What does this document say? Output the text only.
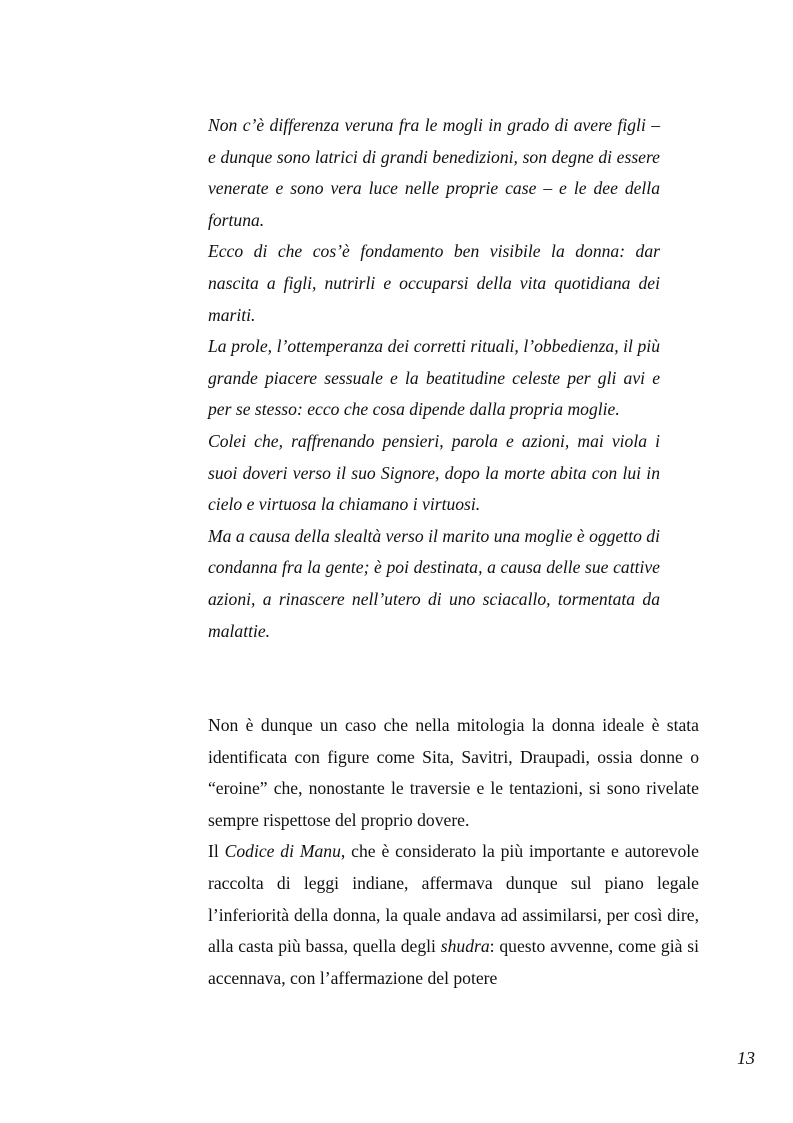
Non c’è differenza veruna fra le mogli in grado di avere figli – e dunque sono latrici di grandi benedizioni, son degne di essere venerate e sono vera luce nelle proprie case – e le dee della fortuna.

Ecco di che cos’è fondamento ben visibile la donna: dar nascita a figli, nutrirli e occuparsi della vita quotidiana dei mariti.

La prole, l’ottemperanza dei corretti rituali, l’obbedienza, il più grande piacere sessuale e la beatitudine celeste per gli avi e per se stesso: ecco che cosa dipende dalla propria moglie.

Colei che, raffrenando pensieri, parola e azioni, mai viola i suoi doveri verso il suo Signore, dopo la morte abita con lui in cielo e virtuosa la chiamano i virtuosi.

Ma a causa della slealtà verso il marito una moglie è oggetto di condanna fra la gente; è poi destinata, a causa delle sue cattive azioni, a rinascere nell’utero di uno sciacallo, tormentata da malattie.

Non è dunque un caso che nella mitologia la donna ideale è stata identificata con figure come Sita, Savitri, Draupadi, ossia donne o “eroine” che, nonostante le traversie e le tentazioni, si sono rivelate sempre rispettose del proprio dovere.

Il Codice di Manu, che è considerato la più importante e autorevole raccolta di leggi indiane, affermava dunque sul piano legale l’inferiorità della donna, la quale andava ad assimilarsi, per così dire, alla casta più bassa, quella degli shudra: questo avvenne, come già si accennava, con l’affermazione del potere

13
